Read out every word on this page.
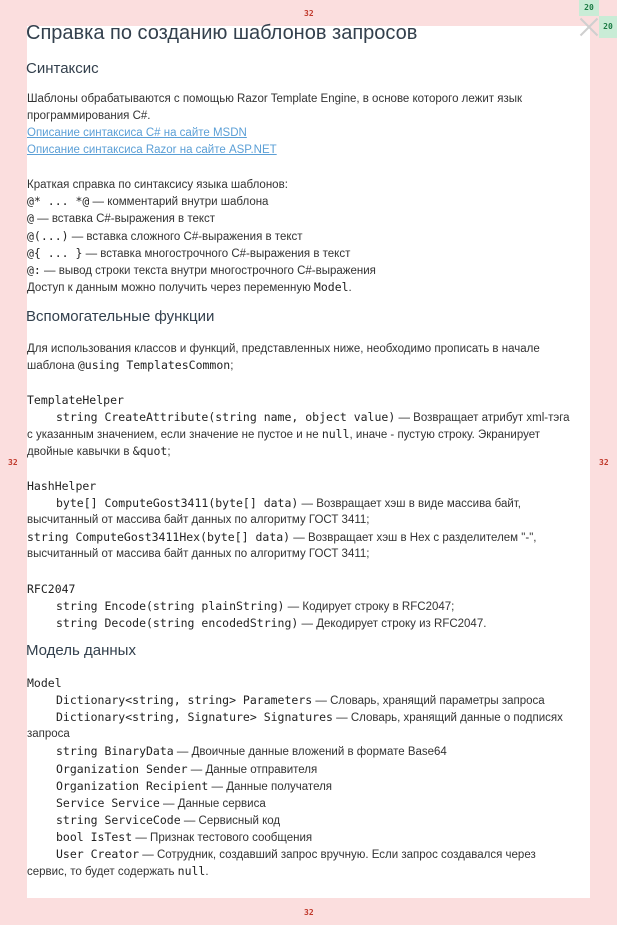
32
32
32	32
20
20
Справка по созданию шаблонов запросов
Синтаксис
Шаблоны обрабатываются с помощью Razor Template Engine, в основе которого лежит язык
программирования C#.
Описание синтаксиса C# на сайте MSDN
Описание синтаксиса Razor на сайте ASP.NET
Краткая справка по синтаксису языка шаблонов:
@* ... *@ — комментарий внутри шаблона
@ — вставка C#-выражения в текст
@(...) — вставка сложного C#-выражения в текст
@{ ... } — вставка многострочного C#-выражения в текст
@: — вывод строки текста внутри многострочного C#-выражения
Доступ к данным можно получить через переменную Model.
Вспомогательные функции
Для использования классов и функций, представленных ниже, необходимо прописать в начале
шаблона @using TemplatesCommon;
TemplateHelper
string CreateAttribute(string name, object value) — Возвращает атрибут xml-тэга
с указанным значением, если значение не пустое и не null, иначе - пустую строку. Экранирует
двойные кавычки в &quot;
HashHelper
byte[] ComputeGost3411(byte[] data) — Возвращает хэш в виде массива байт,
высчитанный от массива байт данных по алгоритму ГОСТ 3411;
string ComputeGost3411Hex(byte[] data) — Возвращает хэш в Hex с разделителем "-",
высчитанный от массива байт данных по алгоритму ГОСТ 3411;
RFC2047
string Encode(string plainString) — Кодирует строку в RFC2047;
string Decode(string encodedString) — Декодирует строку из RFC2047.
Модель данных
Model
Dictionary<string, string> Parameters — Словарь, хранящий параметры запроса
Dictionary<string, Signature> Signatures — Словарь, хранящий данные о подписях
запроса
string BinaryData — Двоичные данные вложений в формате Base64
Organization Sender — Данные отправителя
Organization Recipient — Данные получателя
Service Service — Данные сервиса
string ServiceCode — Сервисный код
bool IsTest — Признак тестового сообщения
User Creator — Сотрудник, создавший запрос вручную. Если запрос создавался через
сервис, то будет содержать null.
